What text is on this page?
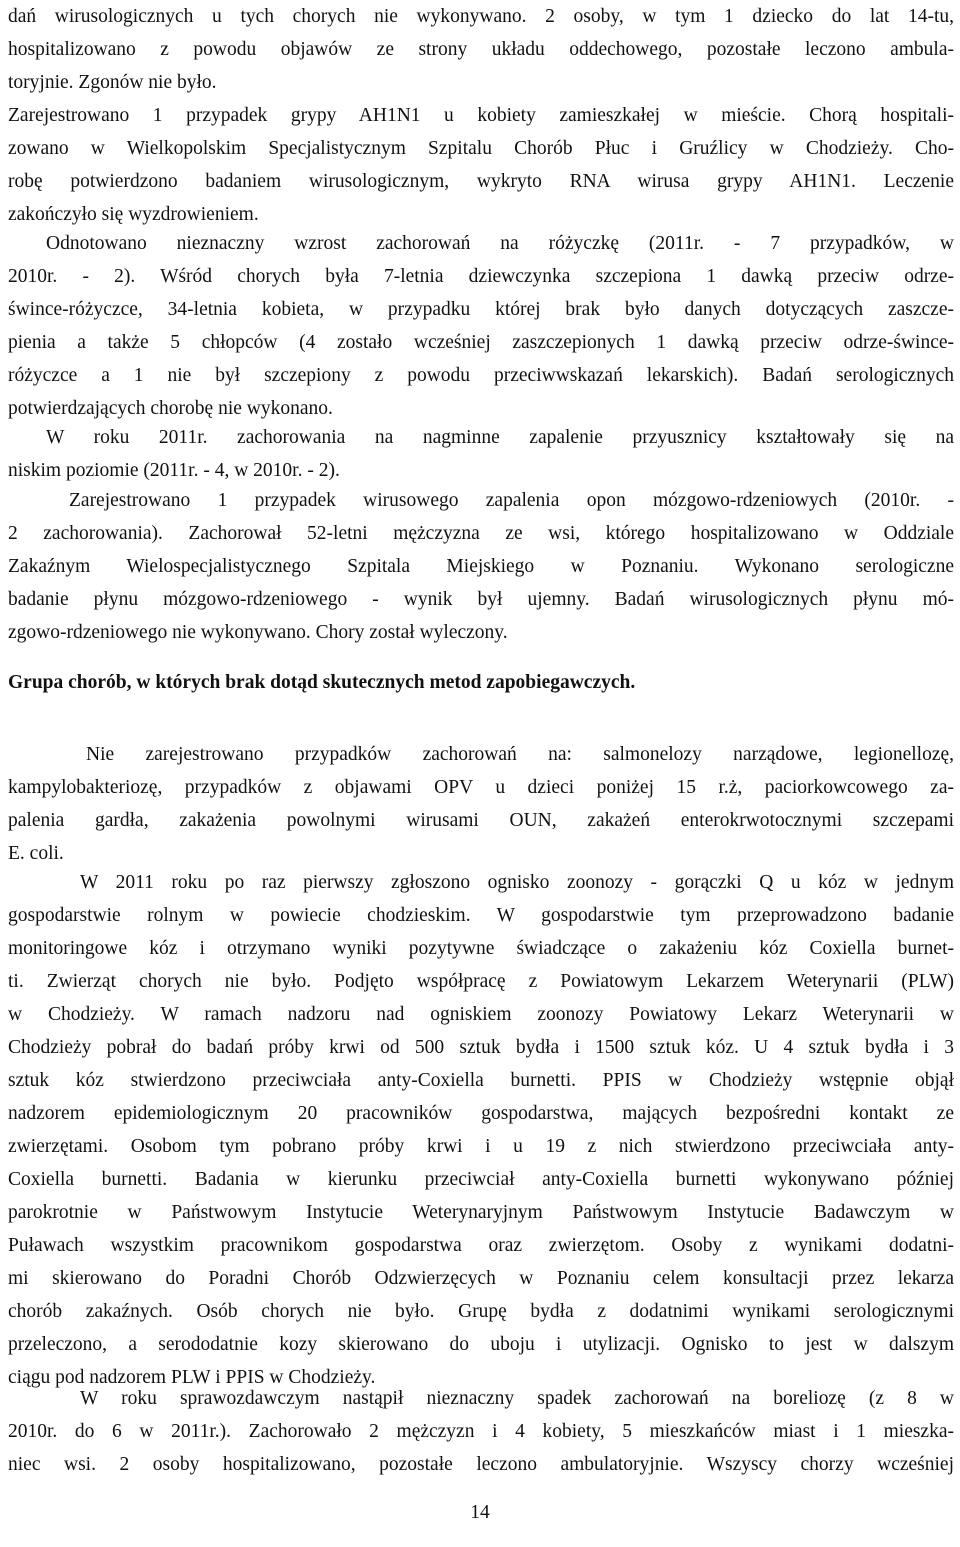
dań wirusologicznych u tych chorych nie wykonywano. 2 osoby, w tym 1 dziecko do lat 14-tu,
hospitalizowano z powodu objawów ze strony układu oddechowego, pozostałe leczono ambula-
toryjnie. Zgonów nie było.
Zarejestrowano 1 przypadek grypy AH1N1 u kobiety zamieszkałej w mieście. Chorą hospitali-
zowano w Wielkopolskim Specjalistycznym Szpitalu Chorób Płuc i Gruźlicy w Chodzieży. Cho-
robę potwierdzono badaniem wirusologicznym, wykryto RNA wirusa grypy AH1N1. Leczenie
zakończyło się wyzdrowieniem.
Odnotowano nieznaczny wzrost zachorowań na różyczkę (2011r. - 7 przypadków, w
2010r. - 2). Wśród chorych była 7-letnia dziewczynka szczepiona 1 dawką przeciw odrze-
śwince-różyczce, 34-letnia kobieta, w przypadku której brak było danych dotyczących zaszcze-
pienia a także 5 chłopców (4 zostało wcześniej zaszczepionych 1 dawką przeciw odrze-śwince-
różyczce a 1 nie był szczepiony z powodu przeciwwskazań lekarskich). Badań serologicznych
potwierdzających chorobę nie wykonano.
W roku 2011r. zachorowania na nagminne zapalenie przyusznicy kształtowały się na
niskim poziomie (2011r. - 4, w 2010r. - 2).
Zarejestrowano 1 przypadek wirusowego zapalenia opon mózgowo-rdzeniowych (2010r. -
2 zachorowania). Zachorował 52-letni mężczyzna ze wsi, którego hospitalizowano w Oddziale
Zakaźnym Wielospecjalistycznego Szpitala Miejskiego w Poznaniu. Wykonano serologiczne
badanie płynu mózgowo-rdzeniowego - wynik był ujemny. Badań wirusologicznych płynu mó-
zgowo-rdzeniowego nie wykonywano. Chory został wyleczony.
Grupa chorób, w których brak dotąd skutecznych metod zapobiegawczych.
Nie zarejestrowano przypadków zachorowań na: salmonelozy narządowe, legionellozę,
kampylobakteriozę, przypadków z objawami OPV u dzieci poniżej 15 r.ż, paciorkowcowego za-
palenia gardła, zakażenia powolnymi wirusami OUN, zakażeń enterokrwotocznymi szczepami
E. coli.
W 2011 roku po raz pierwszy zgłoszono ognisko zoonozy - gorączki Q u kóz w jednym
gospodarstwie rolnym w powiecie chodzieskim. W gospodarstwie tym przeprowadzono badanie
monitoringowe kóz i otrzymano wyniki pozytywne świadczące o zakażeniu kóz Coxiella burnet-
ti. Zwierząt chorych nie było. Podjęto współpracę z Powiatowym Lekarzem Weterynarii (PLW)
w Chodzieży. W ramach nadzoru nad ogniskiem zoonozy Powiatowy Lekarz Weterynarii w
Chodzieży pobrał do badań próby krwi od 500 sztuk bydła i 1500 sztuk kóz. U 4 sztuk bydła i 3
sztuk kóz stwierdzono przeciwciała anty-Coxiella burnetti. PPIS w Chodzieży wstępnie objął
nadzorem epidemiologicznym 20 pracowników gospodarstwa, mających bezpośredni kontakt ze
zwierzętami. Osobom tym pobrano próby krwi i u 19 z nich stwierdzono przeciwciała anty-
Coxiella burnetti. Badania w kierunku przeciwciał anty-Coxiella burnetti wykonywano później
parokrotnie w Państwowym Instytucie Weterynaryjnym Państwowym Instytucie Badawczym w
Puławach wszystkim pracownikom gospodarstwa oraz zwierzętom. Osoby z wynikami dodatni-
mi skierowano do Poradni Chorób Odzwierzęcych w Poznaniu celem konsultacji przez lekarza
chorób zakaźnych. Osób chorych nie było. Grupę bydła z dodatnimi wynikami serologicznymi
przeleczono, a serododatnie kozy skierowano do uboju i utylizacji. Ognisko to jest w dalszym
ciągu pod nadzorem PLW i PPIS w Chodzieży.
W roku sprawozdawczym nastąpił nieznaczny spadek zachorowań na boreliozę (z 8 w
2010r. do 6 w 2011r.). Zachorowało 2 mężczyzn i 4 kobiety, 5 mieszkańców miast i 1 mieszka-
niec wsi. 2 osoby hospitalizowano, pozostałe leczono ambulatoryjnie. Wszyscy chorzy wcześniej
14
